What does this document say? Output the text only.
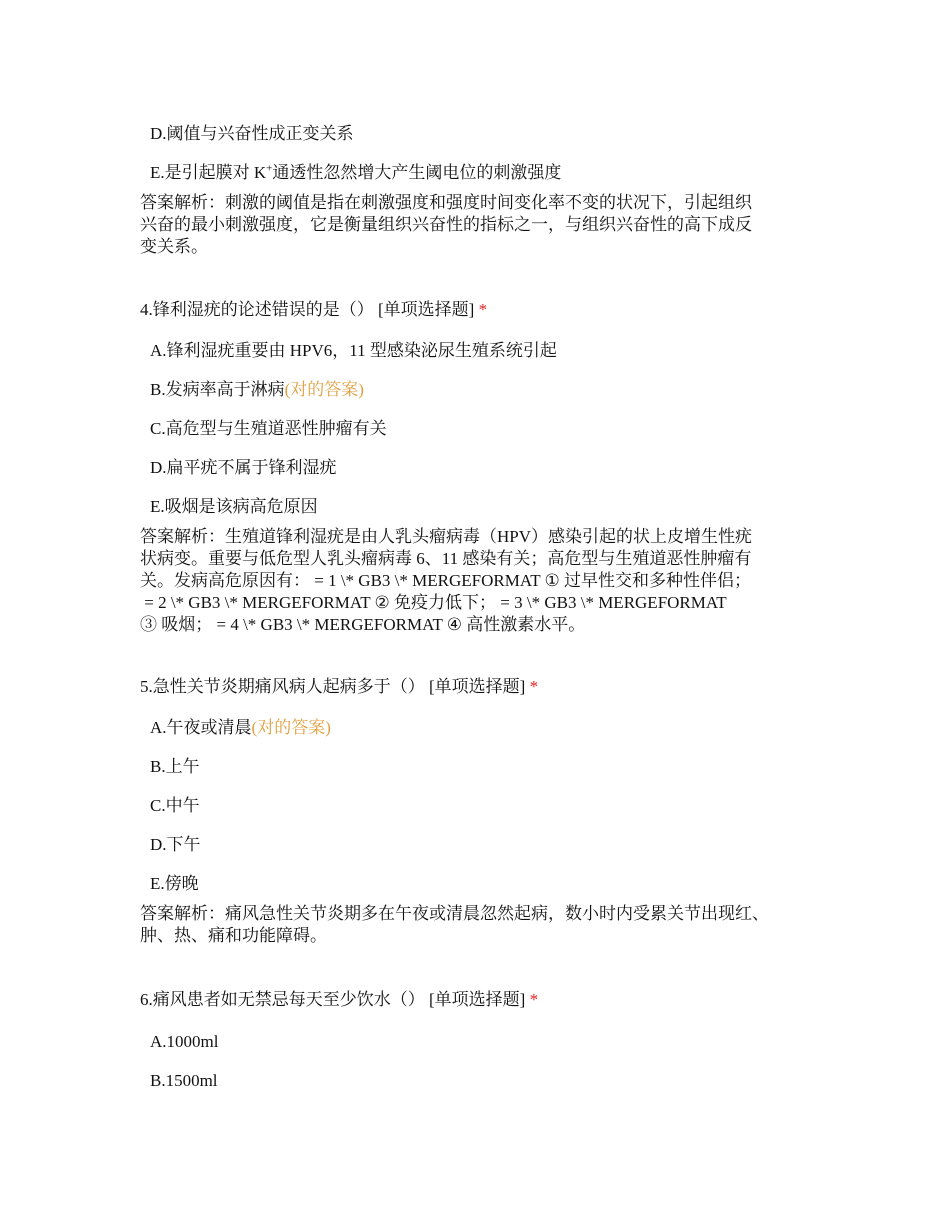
D.阈值与兴奋性成正变关系
E.是引起膜对 K+通透性忽然增大产生阈电位的刺激强度
答案解析：刺激的阈值是指在刺激强度和强度时间变化率不变的状况下，引起组织
兴奋的最小刺激强度，它是衡量组织兴奋性的指标之一，与组织兴奋性的高下成反
变关系。
4.锋利湿疣的论述错误的是（） [单项选择题] *
A.锋利湿疣重要由 HPV6，11 型感染泌尿生殖系统引起
B.发病率高于淋病(对的答案)
C.高危型与生殖道恶性肿瘤有关
D.扁平疣不属于锋利湿疣
E.吸烟是该病高危原因
答案解析：生殖道锋利湿疣是由人乳头瘤病毒（HPV）感染引起的状上皮增生性疣
状病变。重要与低危型人乳头瘤病毒 6、11 感染有关；高危型与生殖道恶性肿瘤有
关。发病高危原因有： = 1 \* GB3 \* MERGEFORMAT ① 过早性交和多种性伴侣；
= 2 \* GB3 \* MERGEFORMAT ② 免疫力低下； = 3 \* GB3 \* MERGEFORMAT
③ 吸烟； = 4 \* GB3 \* MERGEFORMAT ④ 高性激素水平。
5.急性关节炎期痛风病人起病多于（） [单项选择题] *
A.午夜或清晨(对的答案)
B.上午
C.中午
D.下午
E.傍晚
答案解析：痛风急性关节炎期多在午夜或清晨忽然起病，数小时内受累关节出现红、
肿、热、痛和功能障碍。
6.痛风患者如无禁忌每天至少饮水（） [单项选择题] *
A.1000ml
B.1500ml
